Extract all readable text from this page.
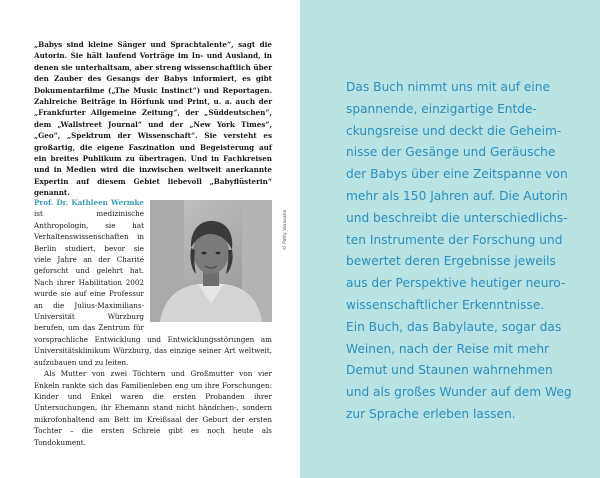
„Babys sind kleine Sänger und Sprachtalente“, sagt die Autorin. Sie hält laufend Vorträge im In- und Ausland, in denen sie unterhaltsam, aber streng wissenschaftlich über den Zauber des Gesangs der Babys informiert, es gibt Dokumentarfilme („The Music Instinct“) und Reportagen. Zahlreiche Beiträge in Hörfunk und Print, u. a. auch der „Frankfurter Allgemeine Zeitung“, der „Süddeutschen“, dem „Wallstreet Journal“ und der „New York Times“, „Geo“, „Spektrum der Wissenschaft“. Sie versteht es großartig, die eigene Faszination und Begeisterung auf ein breites Publikum zu übertragen. Und in Fachkreisen und in Medien wird die inzwischen weltweit anerkannte Expertin auf diesem Gebiet liebevoll „Babyflüsterin“ genannt.

Prof. Dr. Kathleen Wermke ist medizinische Anthropologin, sie hat Verhaltenswissenschaften in Berlin studiert, bevor sie viele Jahre an der Charité geforscht und gelehrt hat. Nach ihrer Habilitation 2002 wurde sie auf eine Professur an die Julius-Maximilians-Universität Würzburg berufen, um das Zentrum für vorsprachliche Entwicklung und Entwicklungsstörungen am Universitätsklinikum Würzburg, das einzige seiner Art weltweit, aufzubauen und zu leiten.

Als Mutter von zwei Töchtern und Großmutter von vier Enkeln rankte sich das Familienleben eng um ihre Forschungen: Kinder und Enkel waren die ersten Probanden ihrer Untersuchungen, ihr Ehemann stand nicht händchen-, sondern mikrofonhaltend am Bett im Kreißsaal der Geburt der ersten Tochter – die ersten Schreie gibt es noch heute als Tondokument.

© Patty Varasano

Das Buch nimmt uns mit auf eine
spannende, einzigartige Entde-
ckungsreise und deckt die Geheim-
nisse der Gesänge und Geräusche
der Babys über eine Zeitspanne von
mehr als 150 Jahren auf. Die Autorin
und beschreibt die unterschiedlichs-
ten Instrumente der Forschung und
bewertet deren Ergebnisse jeweils
aus der Perspektive heutiger neuro-
wissenschaftlicher Erkenntnisse.
Ein Buch, das Babylaute, sogar das
Weinen, nach der Reise mit mehr
Demut und Staunen wahrnehmen
und als großes Wunder auf dem Weg
zur Sprache erleben lassen.
